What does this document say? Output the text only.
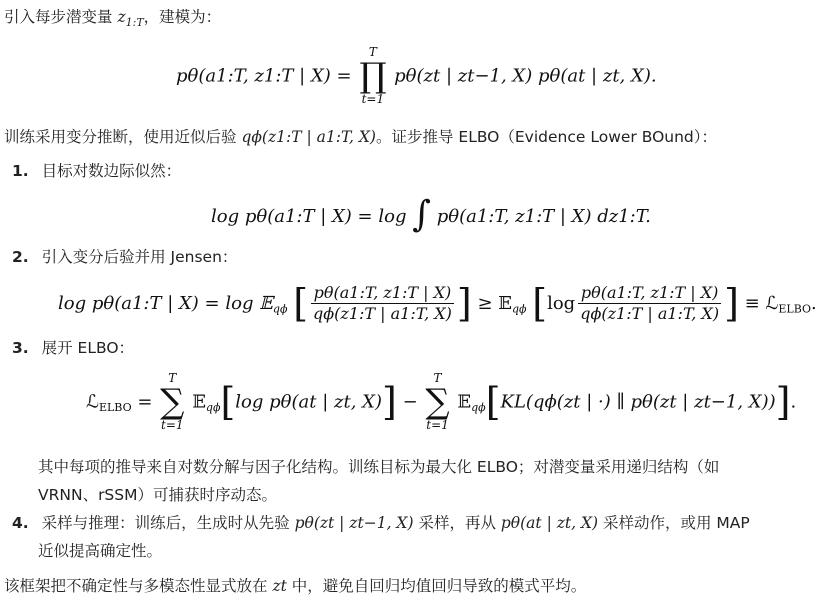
引入每步潜变量 $z_{1:T}$，建模为：
pθ(a1:T, z1:T | X) =
T
∏
t=1
pθ(zt | zt−1, X) pθ(at | zt, X).
训练采用变分推断，使用近似后验 qϕ(z1:T | a1:T, X)。证步推导 ELBO（Evidence Lower BOund）：
1. 目标对数边际似然：
log pθ(a1:T | X) = log ∫ pθ(a1:T, z1:T | X) dz1:T.
2. 引入变分后验并用 Jensen：
log pθ(a1:T | X) = log 𝔼$_{q\phi}$ [ $\frac{p\theta(a1:T, z1:T | X)}{q\phi(z1:T | a1:T, X)}$ ] ≥ 𝔼$_{q\phi}$ [$\log \frac{p\theta(a1:T, z1:T | X)}{q\phi(z1:T | a1:T, X)}$ ] ≡ ℒ$_{ELBO}$.
3. 展开 ELBO：
ℒ$_{ELBO}$ =
T
∑
t=1
𝔼$_{q\phi}$[log pθ(at | zt, X)] −
T
∑
t=1
𝔼$_{q\phi}$[KL(qϕ(zt | ·) ∥ pθ(zt | zt−1, X))].
其中每项的推导来自对数分解与因子化结构。训练目标为最大化 ELBO；对潜变量采用递归结构（如
VRNN、rSSM）可捕获时序动态。
4. 采样与推理：训练后，生成时从先验 pθ(zt | zt−1, X) 采样，再从 pθ(at | zt, X) 采样动作，或用 MAP
近似提高确定性。
该框架把不确定性与多模态性显式放在 zt 中，避免自回归均值回归导致的模式平均。
